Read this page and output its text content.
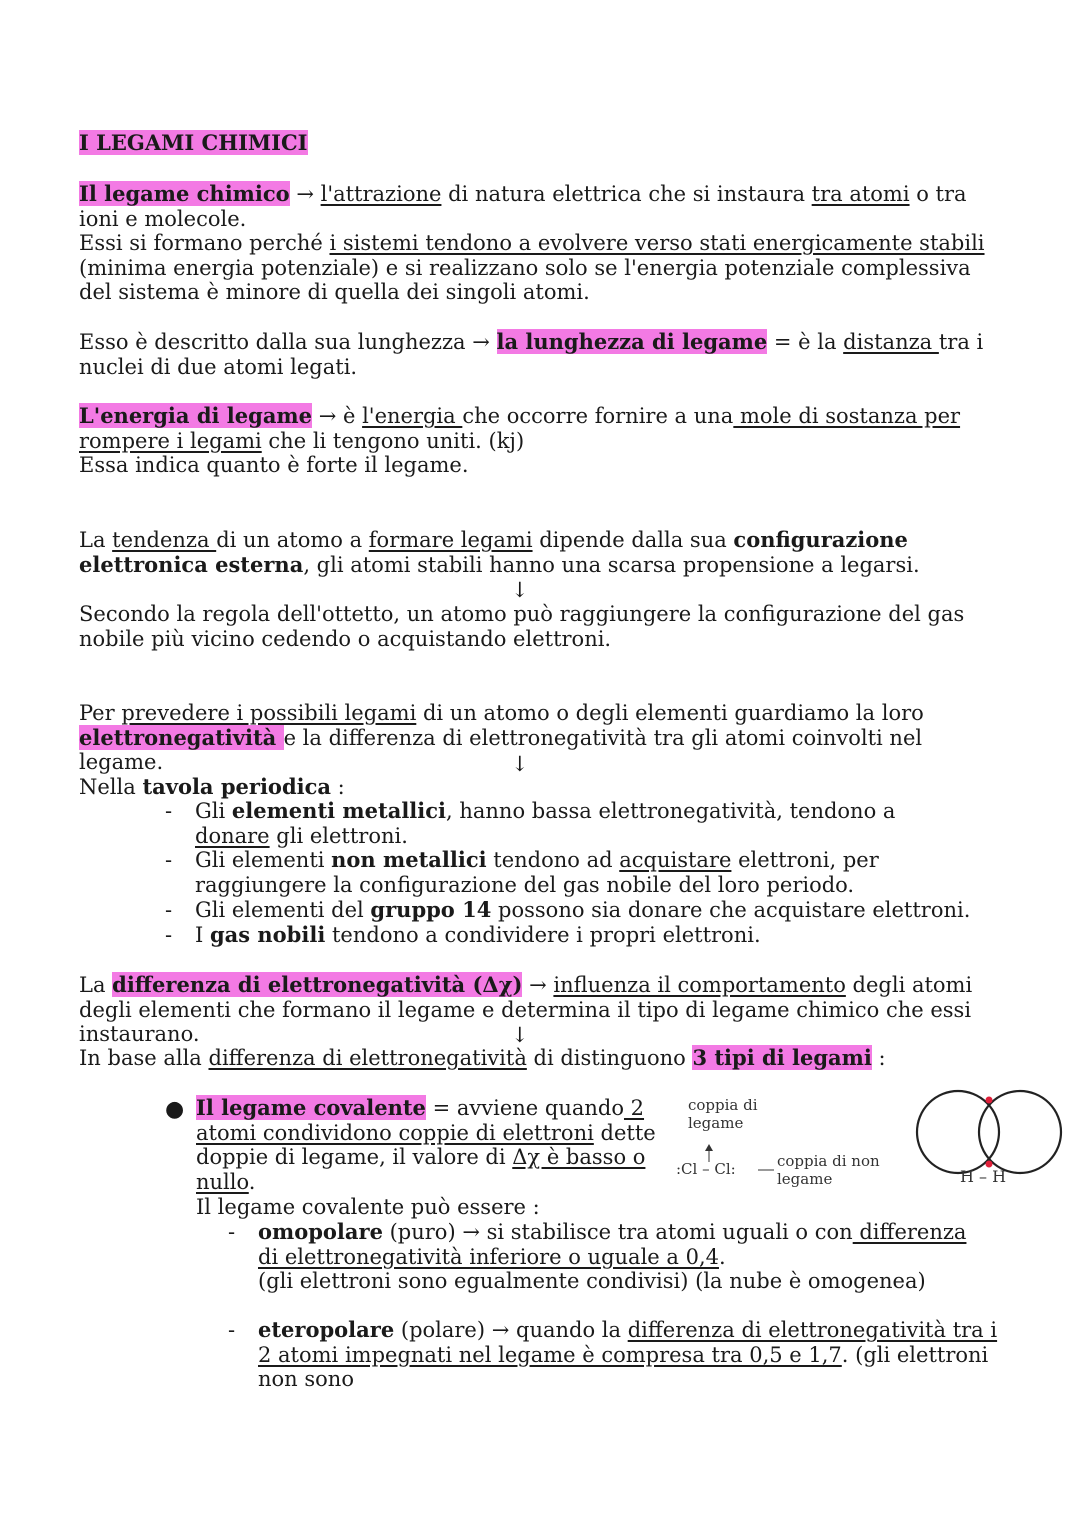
I LEGAMI CHIMICI

Il legame chimico → l'attrazione di natura elettrica che si instaura tra atomi o tra ioni e molecole.

Essi si formano perché i sistemi tendono a evolvere verso stati energicamente stabili (minima energia potenziale) e si realizzano solo se l'energia potenziale complessiva del sistema è minore di quella dei singoli atomi.

Esso è descritto dalla sua lunghezza → la lunghezza di legame = è la distanza tra i nuclei di due atomi legati.

L'energia di legame → è l'energia che occorre fornire a una mole di sostanza per rompere i legami che li tengono uniti. (kj)
Essa indica quanto è forte il legame.

La tendenza di un atomo a formare legami dipende dalla sua configurazione elettronica esterna, gli atomi stabili hanno una scarsa propensione a legarsi.

↓

Secondo la regola dell'ottetto, un atomo può raggiungere la configurazione del gas nobile più vicino cedendo o acquistando elettroni.

Per prevedere i possibili legami di un atomo o degli elementi guardiamo la loro elettronegatività e la differenza di elettronegatività tra gli atomi coinvolti nel legame.	↓

Nella tavola periodica :

- Gli elementi metallici, hanno bassa elettronegatività, tendono a donare gli elettroni.
- Gli elementi non metallici tendono ad acquistare elettroni, per raggiungere la configurazione del gas nobile del loro periodo.
- Gli elementi del gruppo 14 possono sia donare che acquistare elettroni.
- I gas nobili tendono a condividere i propri elettroni.

La differenza di elettronegatività (Δχ) → influenza il comportamento degli atomi degli elementi che formano il legame e determina il tipo di legame chimico che essi instaurano.	↓

In base alla differenza di elettronegatività di distinguono 3 tipi di legami :

● Il legame covalente = avviene quando 2 atomi condividono coppie di elettroni dette doppie di legame, il valore di Δχ è basso o nullo.

coppia di legame
:Cl – Cl:	coppia di non legame	H – H

Il legame covalente può essere :

- omopolare (puro) → si stabilisce tra atomi uguali o con differenza di elettronegatività inferiore o uguale a 0,4.
(gli elettroni sono egualmente condivisi) (la nube è omogenea)
- eteropolare (polare) → quando la differenza di elettronegatività tra i 2 atomi impegnati nel legame è compresa tra 0,5 e 1,7. (gli elettroni non sono
